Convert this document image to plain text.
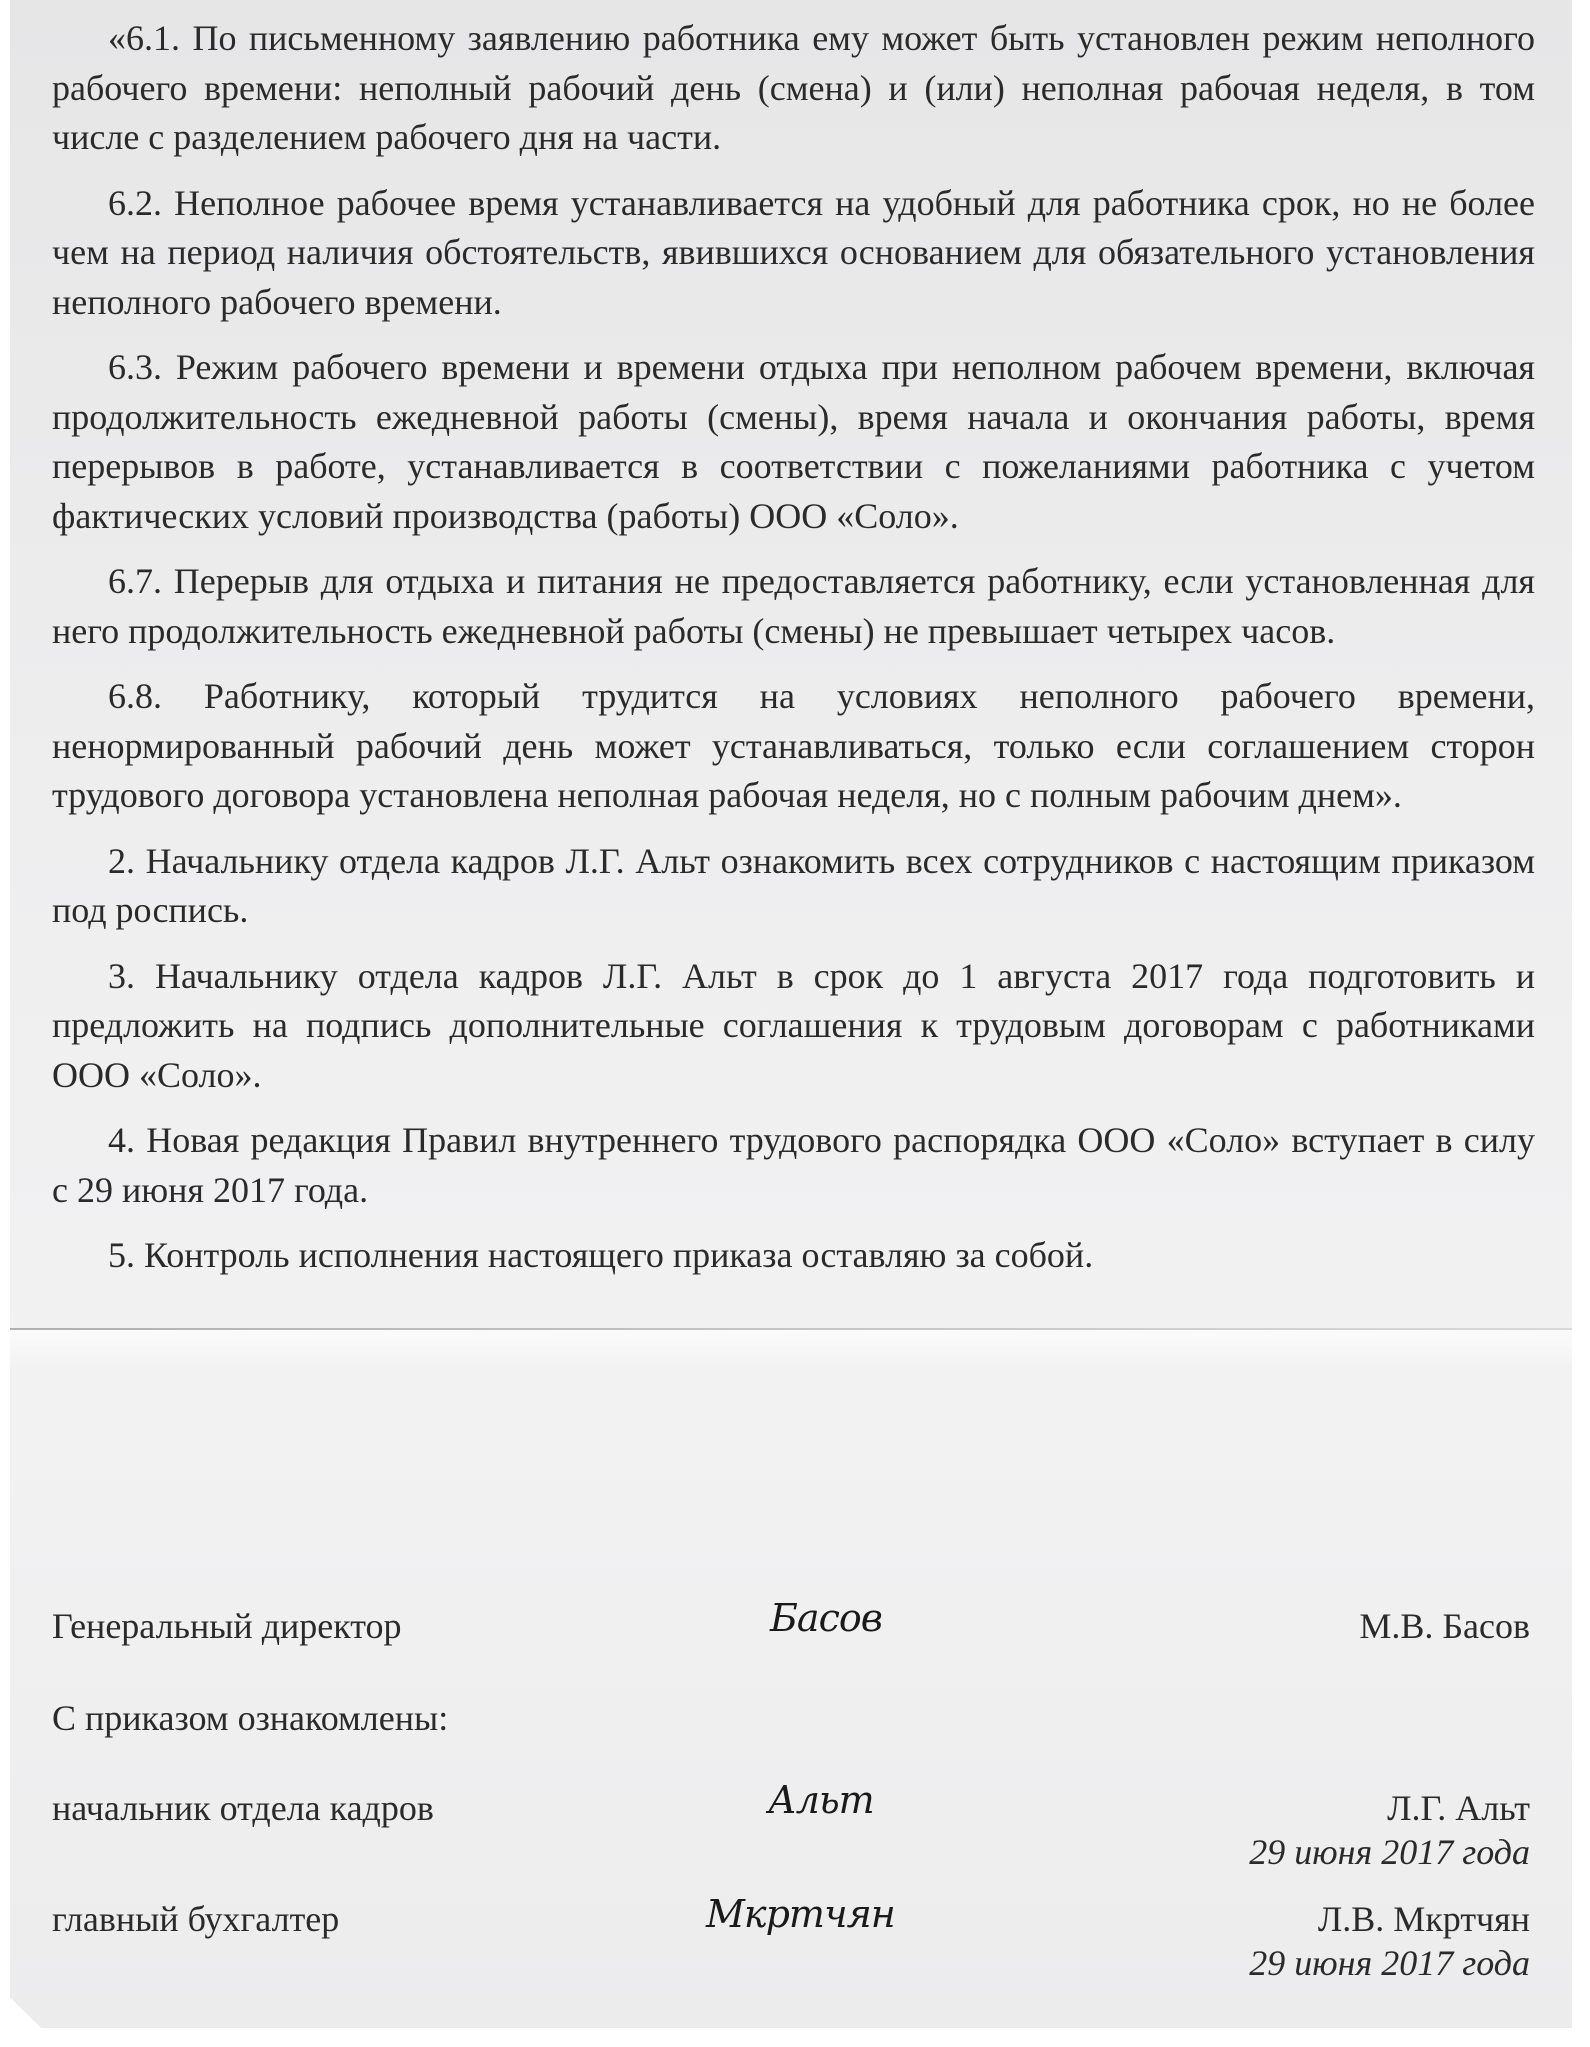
«6.1. По письменному заявлению работника ему может быть установлен режим неполного рабочего времени: неполный рабочий день (смена) и (или) неполная рабочая неделя, в том числе с разделением рабочего дня на части.

6.2. Неполное рабочее время устанавливается на удобный для работника срок, но не более чем на период наличия обстоятельств, явившихся основанием для обязательного установления неполного рабочего времени.

6.3. Режим рабочего времени и времени отдыха при неполном рабочем времени, включая продолжительность ежедневной работы (смены), время начала и окончания работы, время перерывов в работе, устанавливается в соответствии с пожеланиями работника с учетом фактических условий производства (работы) ООО «Соло».

6.7. Перерыв для отдыха и питания не предоставляется работнику, если установленная для него продолжительность ежедневной работы (смены) не превышает четырех часов.

6.8. Работнику, который трудится на условиях неполного рабочего времени, ненормированный рабочий день может устанавливаться, только если соглашением сторон трудового договора установлена неполная рабочая неделя, но с полным рабочим днем».

2. Начальнику отдела кадров Л.Г. Альт ознакомить всех сотрудников с настоящим приказом под роспись.

3. Начальнику отдела кадров Л.Г. Альт в срок до 1 августа 2017 года подготовить и предложить на подпись дополнительные соглашения к трудовым договорам с работниками ООО «Соло».

4. Новая редакция Правил внутреннего трудового распорядка ООО «Соло» вступает в силу с 29 июня 2017 года.

5. Контроль исполнения настоящего приказа оставляю за собой.

Генеральный директор	М.В. Басов
Басов
С приказом ознакомлены:
начальник отдела кадров	Л.Г. Альт
29 июня 2017 года
Альт
главный бухгалтер	Л.В. Мкртчян
29 июня 2017 года
Мкртчян
